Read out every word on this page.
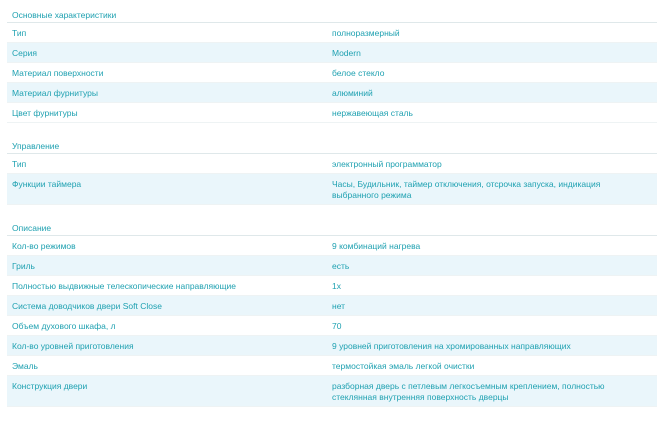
Основные характеристики
Тип	полноразмерный
Серия	Modern
Материал поверхности	белое стекло
Материал фурнитуры	алюминий
Цвет фурнитуры	нержавеющая сталь
Управление
Тип	электронный программатор
Функции таймера	Часы, Будильник, таймер отключения, отсрочка запуска, индикация выбранного режима
Описание
Кол-во режимов	9 комбинаций нагрева
Гриль	есть
Полностью выдвижные телескопические направляющие	1x
Система доводчиков двери Soft Close	нет
Объем духового шкафа, л	70
Кол-во уровней приготовления	9 уровней приготовления на хромированных направляющих
Эмаль	термостойкая эмаль легкой очистки
Конструкция двери	разборная дверь с петлевым легкосъемным креплением, полностью стеклянная внутренняя поверхность дверцы
